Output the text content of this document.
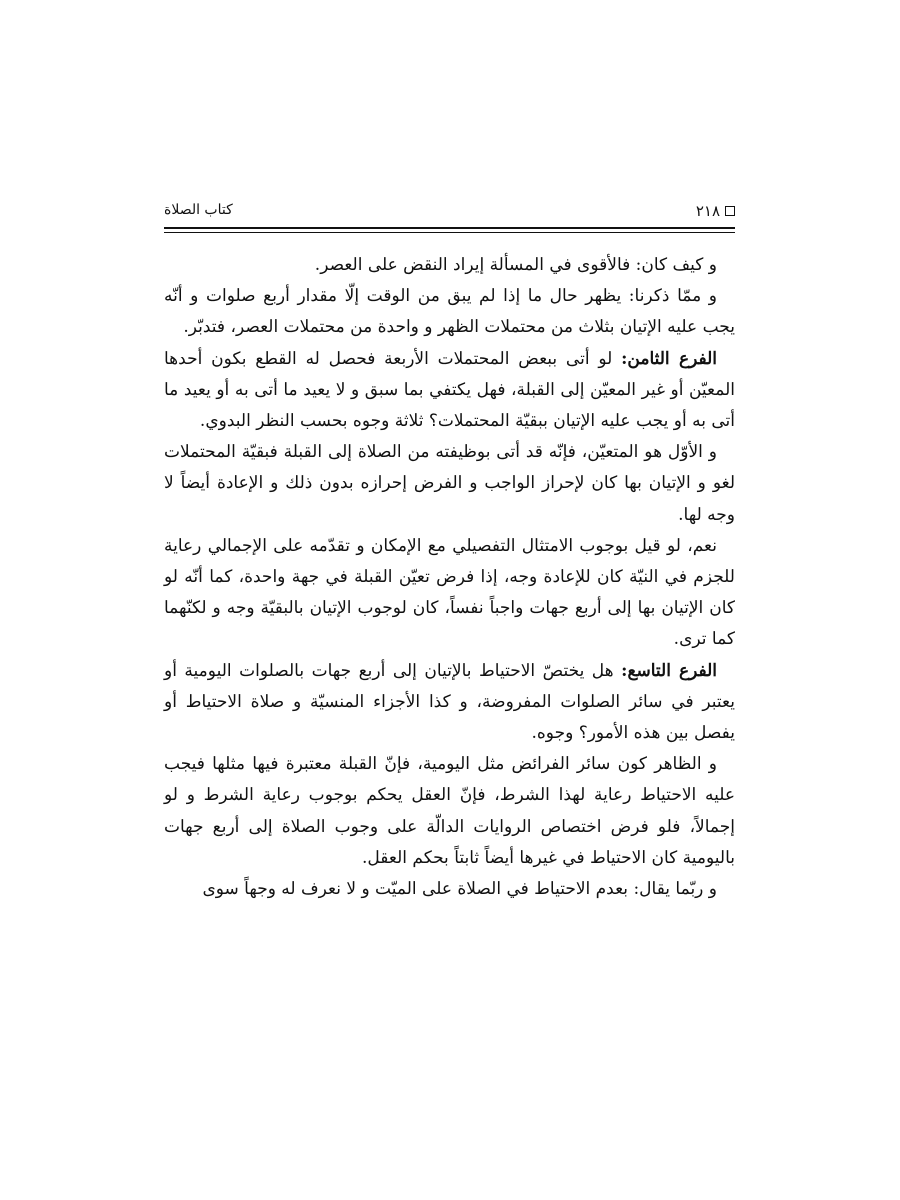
٢١٨
كتاب الصلاة

و كيف كان: فالأقوى في المسألة إيراد النقض على العصر.

و ممّا ذكرنا: يظهر حال ما إذا لم يبق من الوقت إلّا مقدار أربع صلوات و أنّه يجب عليه الإتيان بثلاث من محتملات الظهر و واحدة من محتملات العصر، فتدبّر.

الفرع الثامن: لو أتى ببعض المحتملات الأربعة فحصل له القطع بكون أحدها المعيّن أو غير المعيّن إلى القبلة، فهل يكتفي بما سبق و لا يعيد ما أتى به أو يعيد ما أتى به أو يجب عليه الإتيان ببقيّة المحتملات؟ ثلاثة وجوه بحسب النظر البدوي.

و الأوّل هو المتعيّن، فإنّه قد أتى بوظيفته من الصلاة إلى القبلة فبقيّة المحتملات لغو و الإتيان بها كان لإحراز الواجب و الفرض إحرازه بدون ذلك و الإعادة أيضاً لا وجه لها.

نعم، لو قيل بوجوب الامتثال التفصيلي مع الإمكان و تقدّمه على الإجمالي رعاية للجزم في النيّة كان للإعادة وجه، إذا فرض تعيّن القبلة في جهة واحدة، كما أنّه لو كان الإتيان بها إلى أربع جهات واجباً نفساً، كان لوجوب الإتيان بالبقيّة وجه و لكنّهما كما ترى.

الفرع التاسع: هل يختصّ الاحتياط بالإتيان إلى أربع جهات بالصلوات اليومية أو يعتبر في سائر الصلوات المفروضة، و كذا الأجزاء المنسيّة و صلاة الاحتياط أو يفصل بين هذه الأمور؟ وجوه.

و الظاهر كون سائر الفرائض مثل اليومية، فإنّ القبلة معتبرة فيها مثلها فيجب عليه الاحتياط رعاية لهذا الشرط، فإنّ العقل يحكم بوجوب رعاية الشرط و لو إجمالاً، فلو فرض اختصاص الروايات الدالّة على وجوب الصلاة إلى أربع جهات باليومية كان الاحتياط في غيرها أيضاً ثابتاً بحكم العقل.

و ربّما يقال: بعدم الاحتياط في الصلاة على الميّت و لا نعرف له وجهاً سوى
